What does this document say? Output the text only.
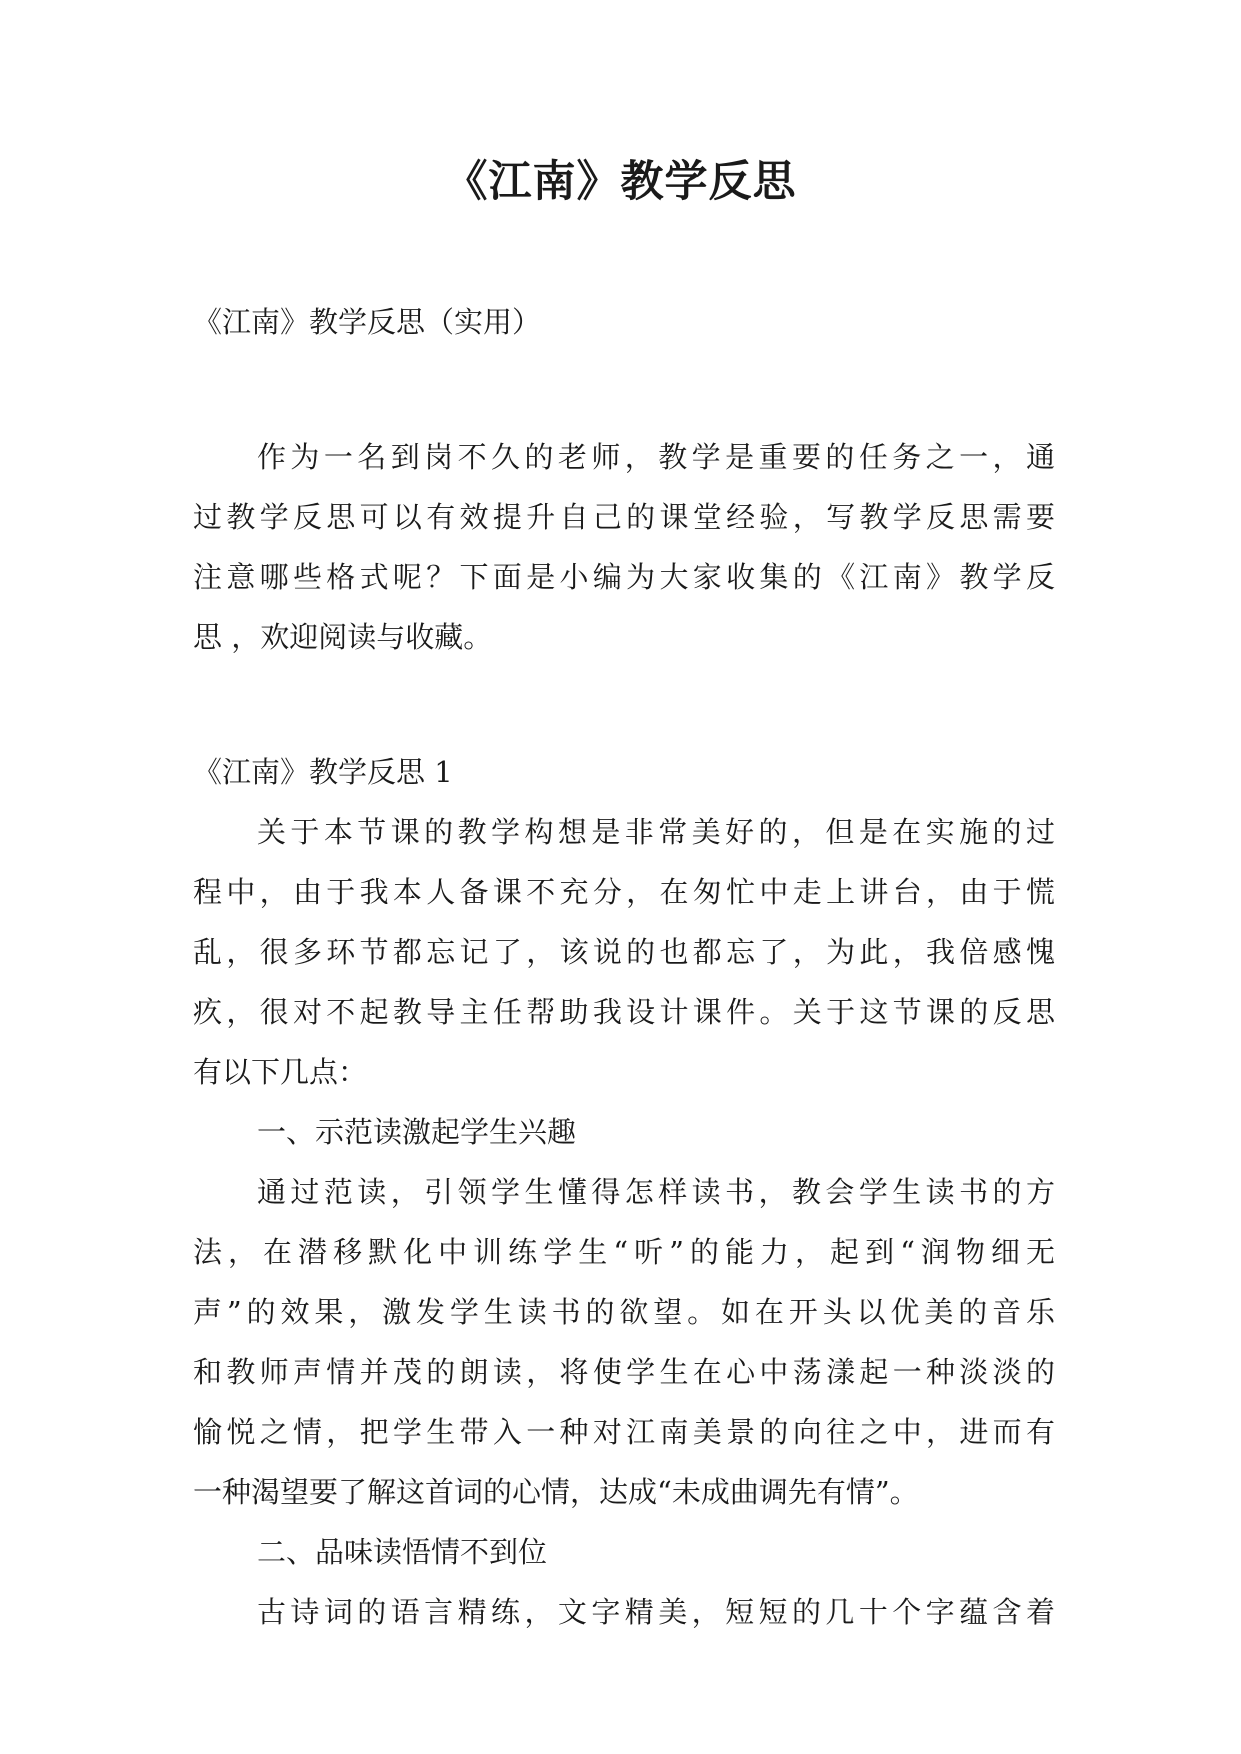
《江南》教学反思
《江南》教学反思（实用）
作为一名到岗不久的老师，教学是重要的任务之一，通
过教学反思可以有效提升自己的课堂经验，写教学反思需要
注意哪些格式呢？下面是小编为大家收集的《江南》教学反
思 ，欢迎阅读与收藏。
《江南》教学反思 1
关于本节课的教学构想是非常美好的，但是在实施的过
程中，由于我本人备课不充分，在匆忙中走上讲台，由于慌
乱，很多环节都忘记了，该说的也都忘了，为此，我倍感愧
疚，很对不起教导主任帮助我设计课件。关于这节课的反思
有以下几点：
一、示范读激起学生兴趣
通过范读，引领学生懂得怎样读书，教会学生读书的方
法，在潜移默化中训练学生“听”的能力，起到“润物细无
声”的效果，激发学生读书的欲望。如在开头以优美的音乐
和教师声情并茂的朗读，将使学生在心中荡漾起一种淡淡的
愉悦之情，把学生带入一种对江南美景的向往之中，进而有
一种渴望要了解这首词的心情，达成“未成曲调先有情”。
二、品味读悟情不到位
古诗词的语言精练，文字精美，短短的几十个字蕴含着
